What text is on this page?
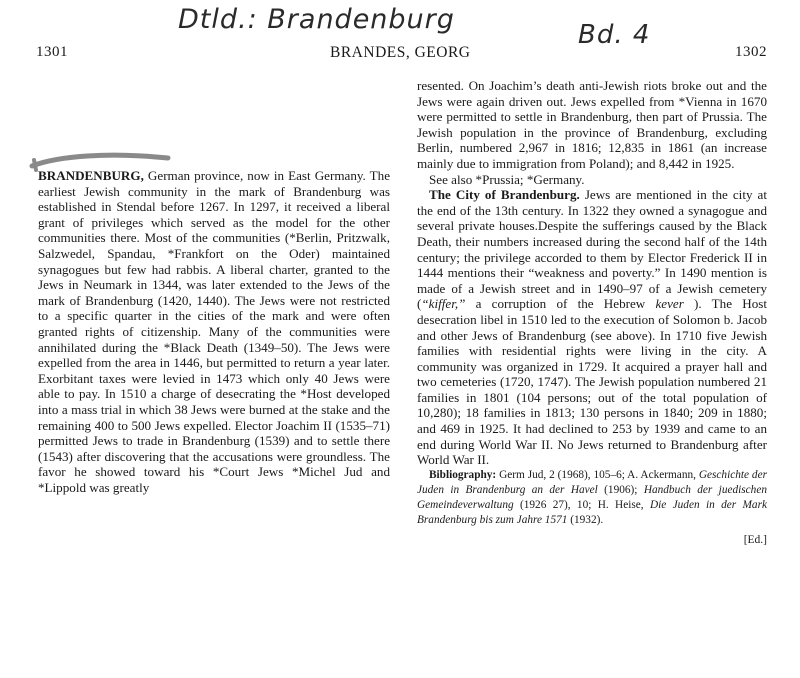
Dtld.: Brandenburg	Bd. 4
1301	BRANDES, GEORG	1302

BRANDENBURG, German province, now in East Germany. The earliest Jewish community in the mark of Brandenburg was established in Stendal before 1267. In 1297, it received a liberal grant of privileges which served as the model for the other communities there. Most of the communities (*Berlin, Pritzwalk, Salzwedel, Spandau, *Frankfort on the Oder) maintained synagogues but few had rabbis. A liberal charter, granted to the Jews in Neumark in 1344, was later extended to the Jews of the mark of Brandenburg (1420, 1440). The Jews were not restricted to a specific quarter in the cities of the mark and were often granted rights of citizenship. Many of the communities were annihilated during the *Black Death (1349–50). The Jews were expelled from the area in 1446, but permitted to return a year later. Exorbitant taxes were levied in 1473 which only 40 Jews were able to pay. In 1510 a charge of desecrating the *Host developed into a mass trial in which 38 Jews were burned at the stake and the remaining 400 to 500 Jews expelled. Elector Joachim II (1535–71) permitted Jews to trade in Brandenburg (1539) and to settle there (1543) after discovering that the accusations were groundless. The favor he showed toward his *Court Jews *Michel Jud and *Lippold was greatly

resented. On Joachim’s death anti-Jewish riots broke out and the Jews were again driven out. Jews expelled from *Vienna in 1670 were permitted to settle in Brandenburg, then part of Prussia. The Jewish population in the province of Brandenburg, excluding Berlin, numbered 2,967 in 1816; 12,835 in 1861 (an increase mainly due to immigration from Poland); and 8,442 in 1925.

See also *Prussia; *Germany.

The City of Brandenburg. Jews are mentioned in the city at the end of the 13th century. In 1322 they owned a synagogue and several private houses.Despite the sufferings caused by the Black Death, their numbers increased during the second half of the 14th century; the privilege accorded to them by Elector Frederick II in 1444 mentions their “weakness and poverty.” In 1490 mention is made of a Jewish street and in 1490–97 of a Jewish cemetery (“kiffer,” a corruption of the Hebrew kever ). The Host desecration libel in 1510 led to the execution of Solomon b. Jacob and other Jews of Brandenburg (see above). In 1710 five Jewish families with residential rights were living in the city. A community was organized in 1729. It acquired a prayer hall and two cemeteries (1720, 1747). The Jewish population numbered 21 families in 1801 (104 persons; out of the total population of 10,280); 18 families in 1813; 130 persons in 1840; 209 in 1880; and 469 in 1925. It had declined to 253 by 1939 and came to an end during World War II. No Jews returned to Brandenburg after World War II.

Bibliography: Germ Jud, 2 (1968), 105–6; A. Ackermann, Geschichte der Juden in Brandenburg an der Havel (1906); Handbuch der juedischen Gemeindeverwaltung (1926 27), 10; H. Heise, Die Juden in der Mark Brandenburg bis zum Jahre 1571 (1932).

[Ed.]
